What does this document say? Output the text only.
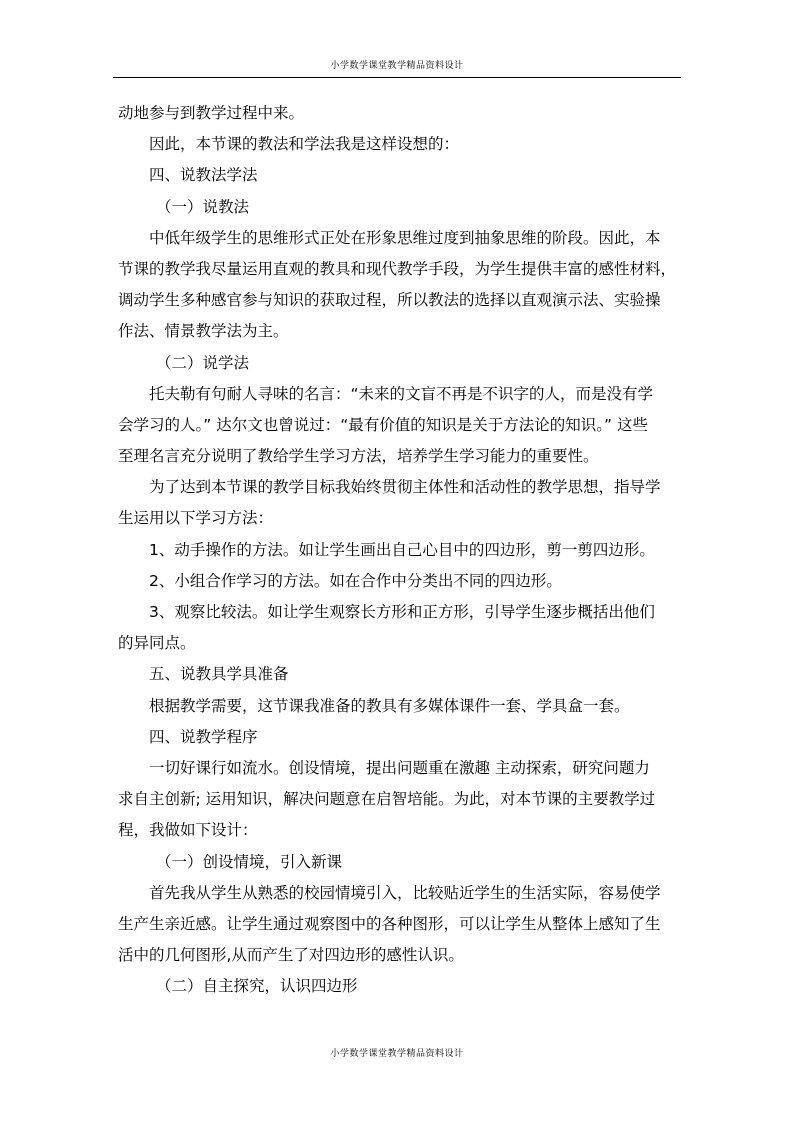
小学数学课堂教学精品资料设计
动地参与到教学过程中来。
因此，本节课的教法和学法我是这样设想的：
四、说教法学法
（一）说教法
中低年级学生的思维形式正处在形象思维过度到抽象思维的阶段。因此，本
节课的教学我尽量运用直观的教具和现代教学手段，为学生提供丰富的感性材料，
调动学生多种感官参与知识的获取过程，所以教法的选择以直观演示法、实验操
作法、情景教学法为主。
（二）说学法
托夫勒有句耐人寻味的名言：“未来的文盲不再是不识字的人，而是没有学
会学习的人。” 达尔文也曾说过：“最有价值的知识是关于方法论的知识。” 这些
至理名言充分说明了教给学生学习方法，培养学生学习能力的重要性。
为了达到本节课的教学目标我始终贯彻主体性和活动性的教学思想，指导学
生运用以下学习方法：
1、动手操作的方法。如让学生画出自己心目中的四边形，剪一剪四边形。
2、小组合作学习的方法。如在合作中分类出不同的四边形。
3、观察比较法。如让学生观察长方形和正方形，引导学生逐步概括出他们
的异同点。
五、说教具学具准备
根据教学需要，这节课我准备的教具有多媒体课件一套、学具盒一套。
四、说教学程序
一切好课行如流水。创设情境，提出问题重在激趣 主动探索，研究问题力
求自主创新; 运用知识，解决问题意在启智培能。为此，对本节课的主要教学过
程，我做如下设计：
（一）创设情境，引入新课
首先我从学生从熟悉的校园情境引入，比较贴近学生的生活实际，容易使学
生产生亲近感。让学生通过观察图中的各种图形，可以让学生从整体上感知了生
活中的几何图形,从而产生了对四边形的感性认识。
（二）自主探究，认识四边形
小学数学课堂教学精品资料设计
